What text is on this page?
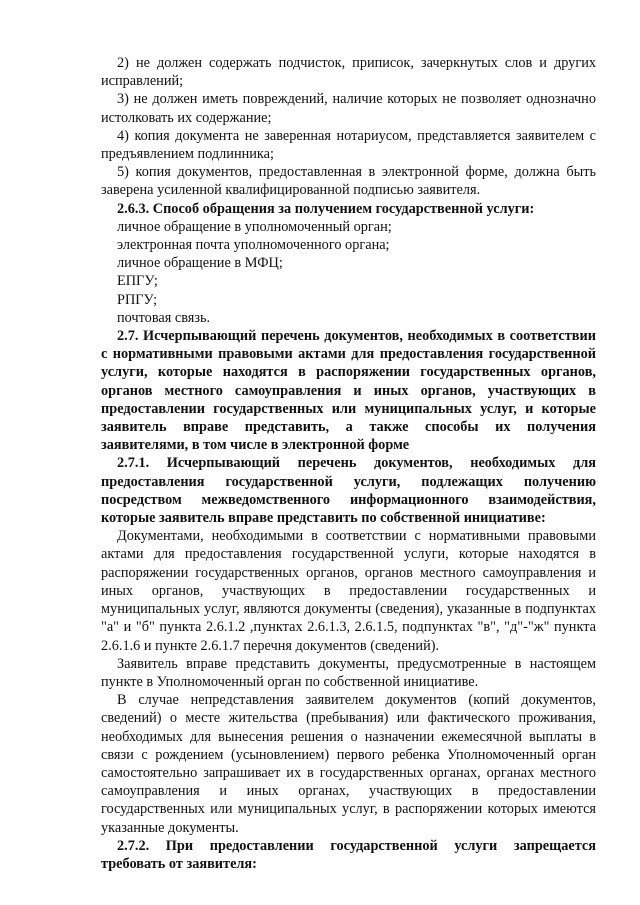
2) не должен содержать подчисток, приписок, зачеркнутых слов и других исправлений;

3) не должен иметь повреждений, наличие которых не позволяет однозначно истолковать их содержание;

4) копия документа не заверенная нотариусом, представляется заявителем с предъявлением подлинника;

5) копия документов, предоставленная в электронной форме, должна быть заверена усиленной квалифицированной подписью заявителя.

2.6.3. Способ обращения за получением государственной услуги:

личное обращение в уполномоченный орган;

электронная почта уполномоченного органа;

личное обращение в МФЦ;

ЕПГУ;

РПГУ;

почтовая связь.

2.7. Исчерпывающий перечень документов, необходимых в соответствии с нормативными правовыми актами для предоставления государственной услуги, которые находятся в распоряжении государственных органов, органов местного самоуправления и иных органов, участвующих в предоставлении государственных или муниципальных услуг, и которые заявитель вправе представить, а также способы их получения заявителями, в том числе в электронной форме

2.7.1. Исчерпывающий перечень документов, необходимых для предоставления государственной услуги, подлежащих получению посредством межведомственного информационного взаимодействия, которые заявитель вправе представить по собственной инициативе:

Документами, необходимыми в соответствии с нормативными правовыми актами для предоставления государственной услуги, которые находятся в распоряжении государственных органов, органов местного самоуправления и иных органов, участвующих в предоставлении государственных и муниципальных услуг, являются документы (сведения), указанные в подпунктах "а" и "б" пункта 2.6.1.2 ,пунктах 2.6.1.3, 2.6.1.5, подпунктах "в", "д"-"ж" пункта 2.6.1.6 и пункте 2.6.1.7 перечня документов (сведений).

Заявитель вправе представить документы, предусмотренные в настоящем пункте в Уполномоченный орган по собственной инициативе.

В случае непредставления заявителем документов (копий документов, сведений) о месте жительства (пребывания) или фактического проживания, необходимых для вынесения решения о назначении ежемесячной выплаты в связи с рождением (усыновлением) первого ребенка Уполномоченный орган самостоятельно запрашивает их в государственных органах, органах местного самоуправления и иных органах, участвующих в предоставлении государственных или муниципальных услуг, в распоряжении которых имеются указанные документы.

2.7.2. При предоставлении государственной услуги запрещается требовать от заявителя:
